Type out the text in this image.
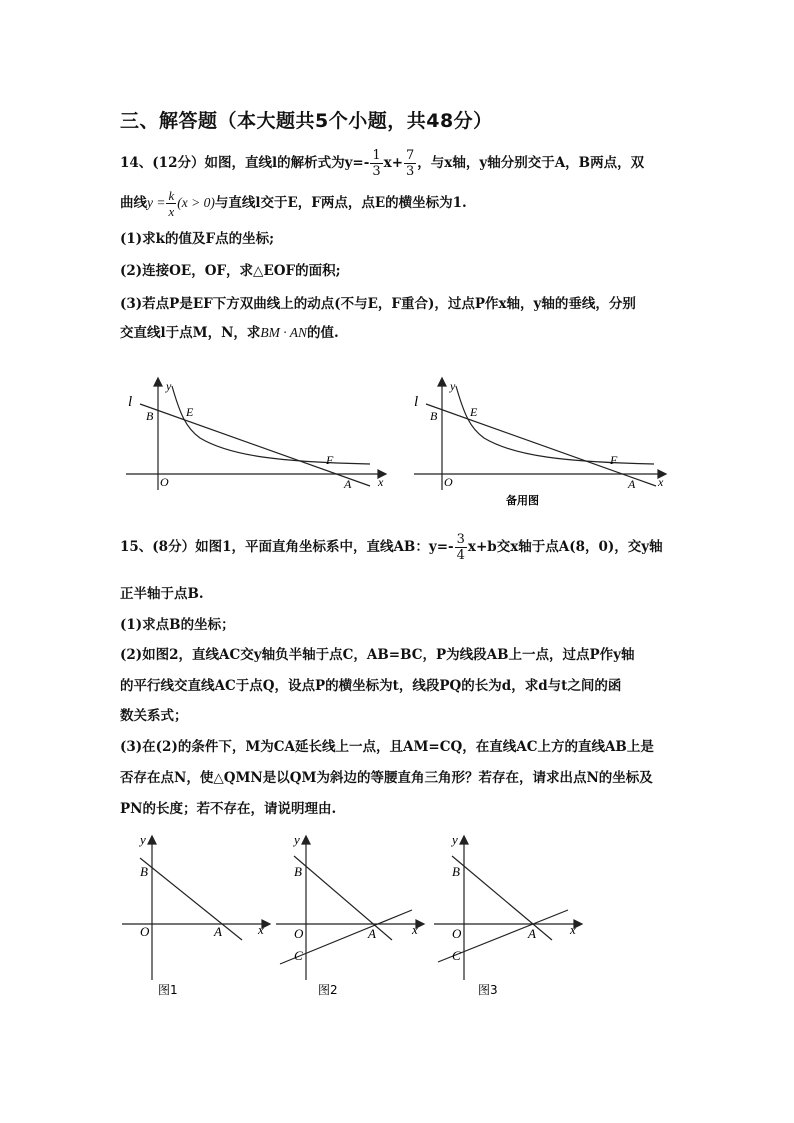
三、解答题（本大题共5个小题，共48分）
14、(12分）如图，直线l的解析式为$y=- \frac{1}{3} x+ \frac{7}{3}$ ，与x轴，y轴分别交于A，B两点，双
曲线$y = \frac{k}{x} (x > 0)$与直线l交于E，F两点，点E的横坐标为1.
(1)求k的值及F点的坐标;
(2)连接OE，OF，求△EOF的面积;
(3)若点P是EF下方双曲线上的动点(不与E，F重合)，过点P作x轴，y轴的垂线，分别
交直线l于点M，N，求BM · AN的值.
l
y
x
B	E
F
O	A
l
y
x
B	E
F
O	A
备用图
15、(8分）如图1，平面直角坐标系中，直线AB：$y=- \frac{3}{4} x+b$交x轴于点A(8，0)，交y轴
正半轴于点B.
(1)求点B的坐标；
(2)如图2，直线AC交y轴负半轴于点C，AB=BC，P为线段AB上一点，过点P作y轴
的平行线交直线AC于点Q，设点P的横坐标为t，线段PQ的长为d，求d与t之间的函
数关系式；
(3)在(2)的条件下，M为CA延长线上一点，且AM=CQ，在直线AC上方的直线AB上是
否存在点N，使△QMN是以QM为斜边的等腰直角三角形？若存在，请求出点N的坐标及
PN的长度；若不存在，请说明理由.
y
x
B
O	A
图1
y
x
B
O	A
C
图2
y
x
B
O	A
C
图3
